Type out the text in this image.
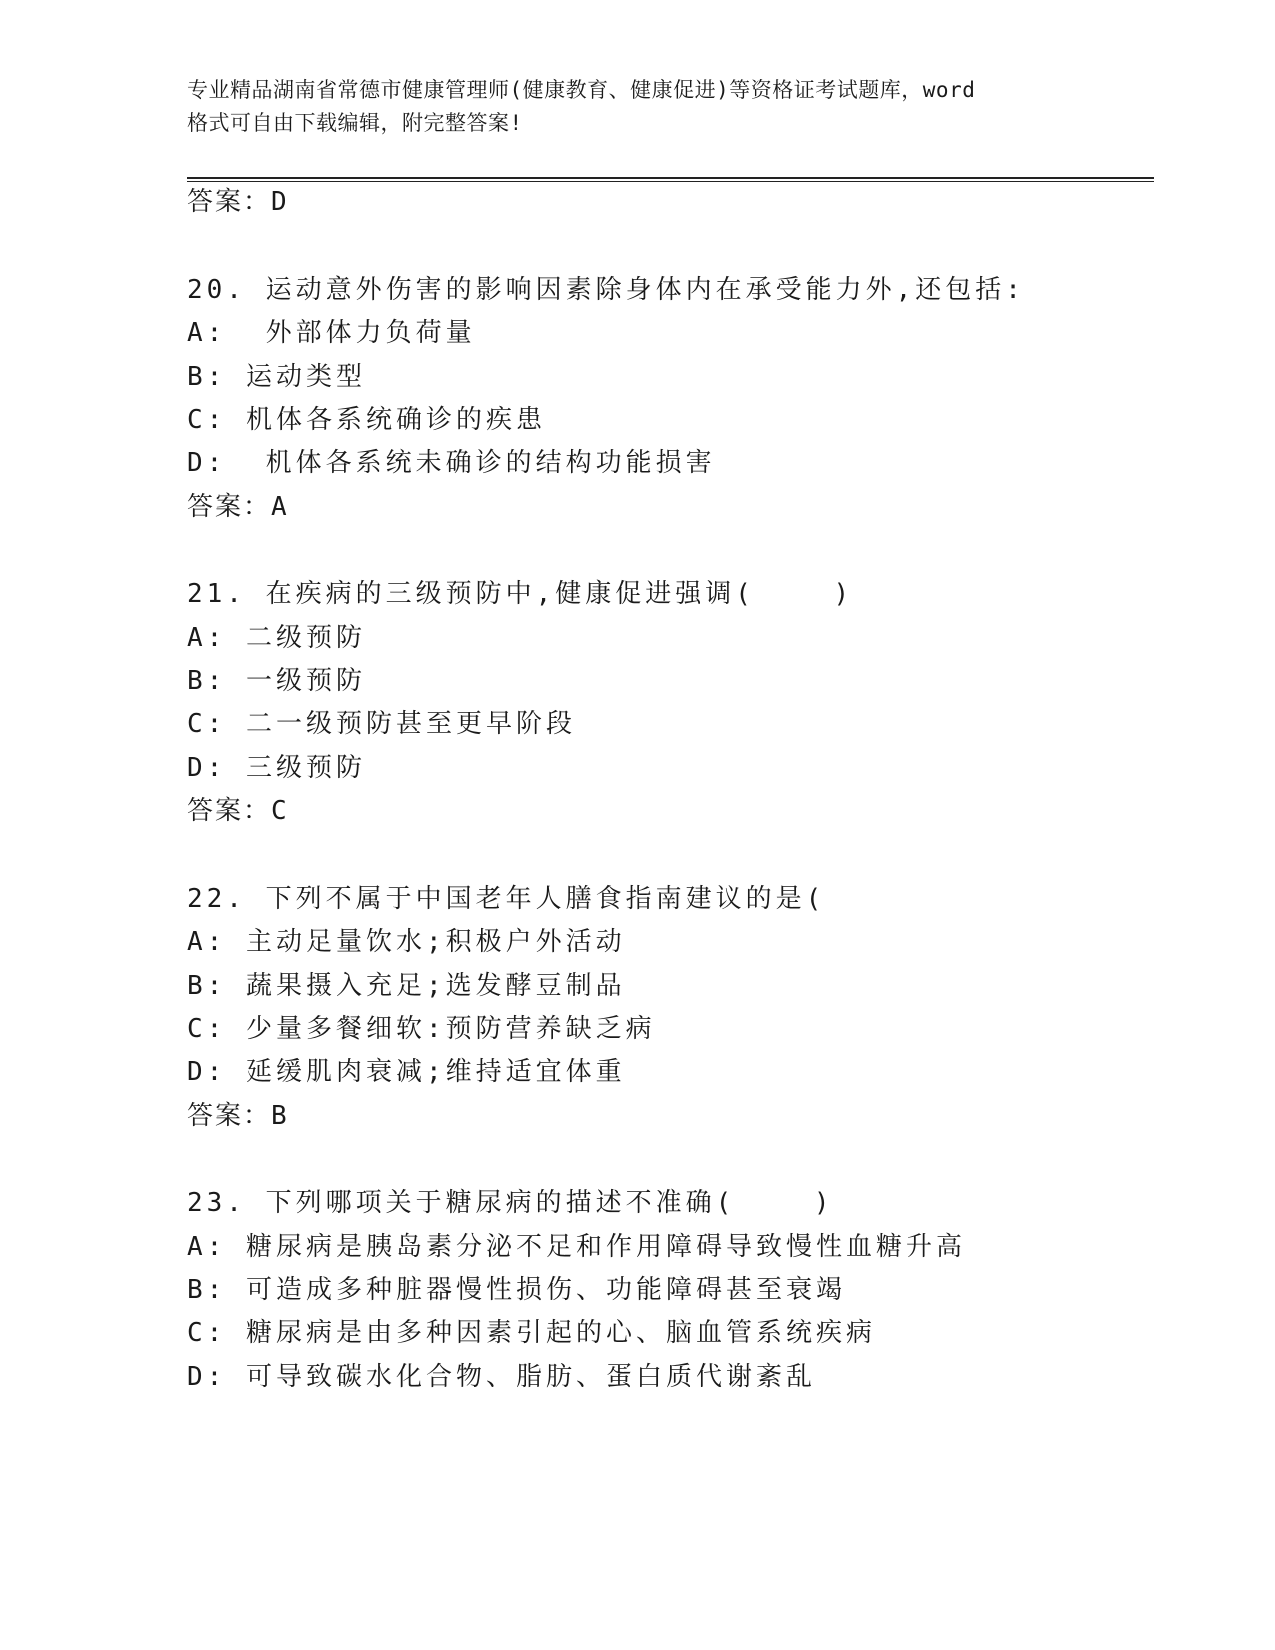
专业精品湖南省常德市健康管理师(健康教育、健康促进)等资格证考试题库，word
格式可自由下载编辑，附完整答案!
答案：D
20. 运动意外伤害的影响因素除身体内在承受能力外,还包括:
A:  外部体力负荷量
B: 运动类型
C: 机体各系统确诊的疾患
D:  机体各系统未确诊的结构功能损害
答案：A
21. 在疾病的三级预防中,健康促进强调(    )
A: 二级预防
B: 一级预防
C: 二一级预防甚至更早阶段
D: 三级预防
答案：C
22. 下列不属于中国老年人膳食指南建议的是(
A: 主动足量饮水;积极户外活动
B: 蔬果摄入充足;选发酵豆制品
C: 少量多餐细软:预防营养缺乏病
D: 延缓肌肉衰减;维持适宜体重
答案：B
23. 下列哪项关于糖尿病的描述不准确(    )
A: 糖尿病是胰岛素分泌不足和作用障碍导致慢性血糖升高
B: 可造成多种脏器慢性损伤、功能障碍甚至衰竭
C: 糖尿病是由多种因素引起的心、脑血管系统疾病
D: 可导致碳水化合物、脂肪、蛋白质代谢紊乱
